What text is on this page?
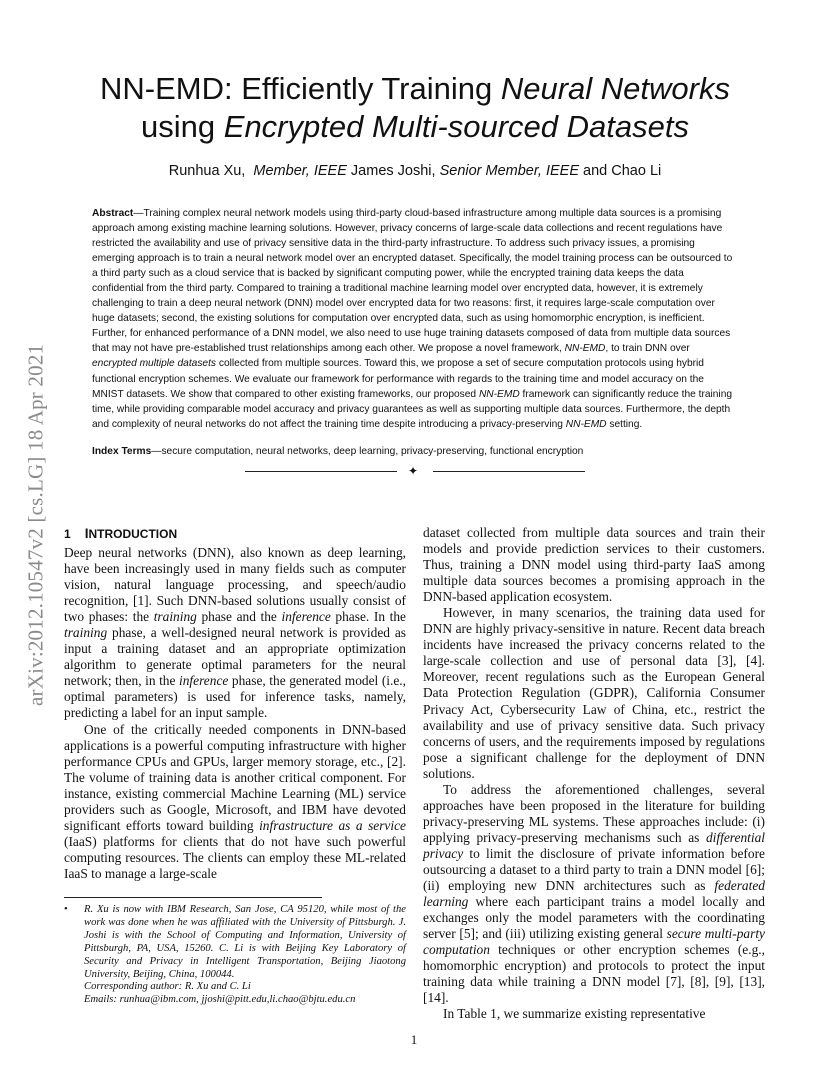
arXiv:2012.10547v2 [cs.LG] 18 Apr 2021
NN-EMD: Efficiently Training Neural Networks
using Encrypted Multi-sourced Datasets
Runhua Xu, Member, IEEE James Joshi, Senior Member, IEEE and Chao Li
Abstract—Training complex neural network models using third-party cloud-based infrastructure among multiple data sources is a promising approach among existing machine learning solutions. However, privacy concerns of large-scale data collections and recent regulations have restricted the availability and use of privacy sensitive data in the third-party infrastructure. To address such privacy issues, a promising emerging approach is to train a neural network model over an encrypted dataset. Specifically, the model training process can be outsourced to a third party such as a cloud service that is backed by significant computing power, while the encrypted training data keeps the data confidential from the third party. Compared to training a traditional machine learning model over encrypted data, however, it is extremely challenging to train a deep neural network (DNN) model over encrypted data for two reasons: first, it requires large-scale computation over huge datasets; second, the existing solutions for computation over encrypted data, such as using homomorphic encryption, is inefficient. Further, for enhanced performance of a DNN model, we also need to use huge training datasets composed of data from multiple data sources that may not have pre-established trust relationships among each other. We propose a novel framework, NN-EMD, to train DNN over encrypted multiple datasets collected from multiple sources. Toward this, we propose a set of secure computation protocols using hybrid functional encryption schemes. We evaluate our framework for performance with regards to the training time and model accuracy on the MNIST datasets. We show that compared to other existing frameworks, our proposed NN-EMD framework can significantly reduce the training time, while providing comparable model accuracy and privacy guarantees as well as supporting multiple data sources. Furthermore, the depth and complexity of neural networks do not affect the training time despite introducing a privacy-preserving NN-EMD setting.
Index Terms—secure computation, neural networks, deep learning, privacy-preserving, functional encryption
✦
1 INTRODUCTION

Deep neural networks (DNN), also known as deep learning, have been increasingly used in many fields such as computer vision, natural language processing, and speech/audio recognition, [1]. Such DNN-based solutions usually consist of two phases: the training phase and the inference phase. In the training phase, a well-designed neural network is provided as input a training dataset and an appropriate optimization algorithm to generate optimal parameters for the neural network; then, in the inference phase, the generated model (i.e., optimal parameters) is used for inference tasks, namely, predicting a label for an input sample.

One of the critically needed components in DNN-based applications is a powerful computing infrastructure with higher performance CPUs and GPUs, larger memory storage, etc., [2]. The volume of training data is another critical component. For instance, existing commercial Machine Learning (ML) service providers such as Google, Microsoft, and IBM have devoted significant efforts toward building infrastructure as a service (IaaS) platforms for clients that do not have such powerful computing resources. The clients can employ these ML-related IaaS to manage a large-scale

dataset collected from multiple data sources and train their models and provide prediction services to their customers. Thus, training a DNN model using third-party IaaS among multiple data sources becomes a promising approach in the DNN-based application ecosystem.

However, in many scenarios, the training data used for DNN are highly privacy-sensitive in nature. Recent data breach incidents have increased the privacy concerns related to the large-scale collection and use of personal data [3], [4]. Moreover, recent regulations such as the European General Data Protection Regulation (GDPR), California Consumer Privacy Act, Cybersecurity Law of China, etc., restrict the availability and use of privacy sensitive data. Such privacy concerns of users, and the requirements imposed by regulations pose a significant challenge for the deployment of DNN solutions.

To address the aforementioned challenges, several approaches have been proposed in the literature for building privacy-preserving ML systems. These approaches include: (i) applying privacy-preserving mechanisms such as differential privacy to limit the disclosure of private information before outsourcing a dataset to a third party to train a DNN model [6]; (ii) employing new DNN architectures such as federated learning where each participant trains a model locally and exchanges only the model parameters with the coordinating server [5]; and (iii) utilizing existing general secure multi-party computation techniques or other encryption schemes (e.g., homomorphic encryption) and protocols to protect the input training data while training a DNN model [7], [8], [9], [13], [14].

In Table 1, we summarize existing representative

• R. Xu is now with IBM Research, San Jose, CA 95120, while most of the work was done when he was affiliated with the University of Pittsburgh. J. Joshi is with the School of Computing and Information, University of Pittsburgh, PA, USA, 15260. C. Li is with Beijing Key Laboratory of Security and Privacy in Intelligent Transportation, Beijing Jiaotong University, Beijing, China, 100044.
Corresponding author: R. Xu and C. Li
Emails: runhua@ibm.com, jjoshi@pitt.edu,li.chao@bjtu.edu.cn
1
